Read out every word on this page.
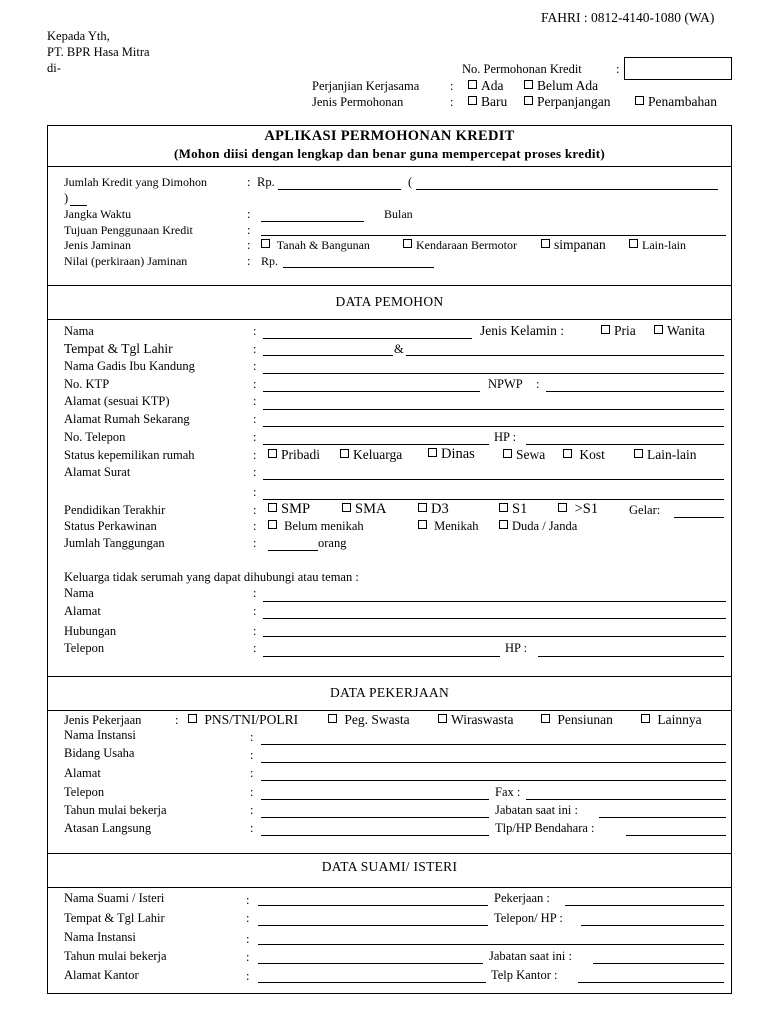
FAHRI : 0812-4140-1080 (WA)
Kepada Yth,
PT. BPR Hasa Mitra
di-	No. Permohonan Kredit	:
Perjanjian Kerjasama :	Ada	Belum Ada
Jenis Permohonan	:	Baru	Perpanjangan	Penambahan
APLIKASI PERMOHONAN KREDIT
(Mohon diisi dengan lengkap dan benar guna mempercepat proses kredit)
Jumlah Kredit yang Dimohon	: Rp.	(
)
Jangka Waktu	:	Bulan
Tujuan Penggunaan Kredit	:
Jenis Jaminan	:	Tanah & Bangunan	Kendaraan Bermotor	simpanan	Lain-lain
Nilai (perkiraan) Jaminan	: Rp.
DATA PEMOHON
Nama	:	Jenis Kelamin :	Pria	Wanita
Tempat & Tgl Lahir	:	&
Nama Gadis Ibu Kandung	:
No. KTP	:	NPWP :
Alamat (sesuai KTP)	:
Alamat Rumah Sekarang	:
No. Telepon	:	HP :
Status kepemilikan rumah	:	Pribadi	Keluarga	Dinas	Sewa	Kost	Lain-lain
Alamat Surat	:
:
Pendidikan Terakhir	:	SMP	SMA	D3	S1	>S1 Gelar:
Status Perkawinan	:	Belum menikah	Menikah	Duda / Janda
Jumlah Tanggungan	:	orang
Keluarga tidak serumah yang dapat dihubungi atau teman :
Nama	:
Alamat	:
Hubungan	:
Telepon	:	HP :
DATA PEKERJAAN
Jenis Pekerjaan	:	PNS/TNI/POLRI	Peg. Swasta	Wiraswasta	Pensiunan	Lainnya
Nama Instansi	:
Bidang Usaha	:
Alamat	:
Telepon	:	Fax :
Tahun mulai bekerja	:	Jabatan saat ini :
Atasan Langsung	:	Tlp/HP Bendahara :
DATA SUAMI/ ISTERI
Nama Suami / Isteri	:	Pekerjaan :
Tempat & Tgl Lahir	:	Telepon/ HP :
Nama Instansi	:
Tahun mulai bekerja	:	Jabatan saat ini :
Alamat Kantor	:	Telp Kantor :
